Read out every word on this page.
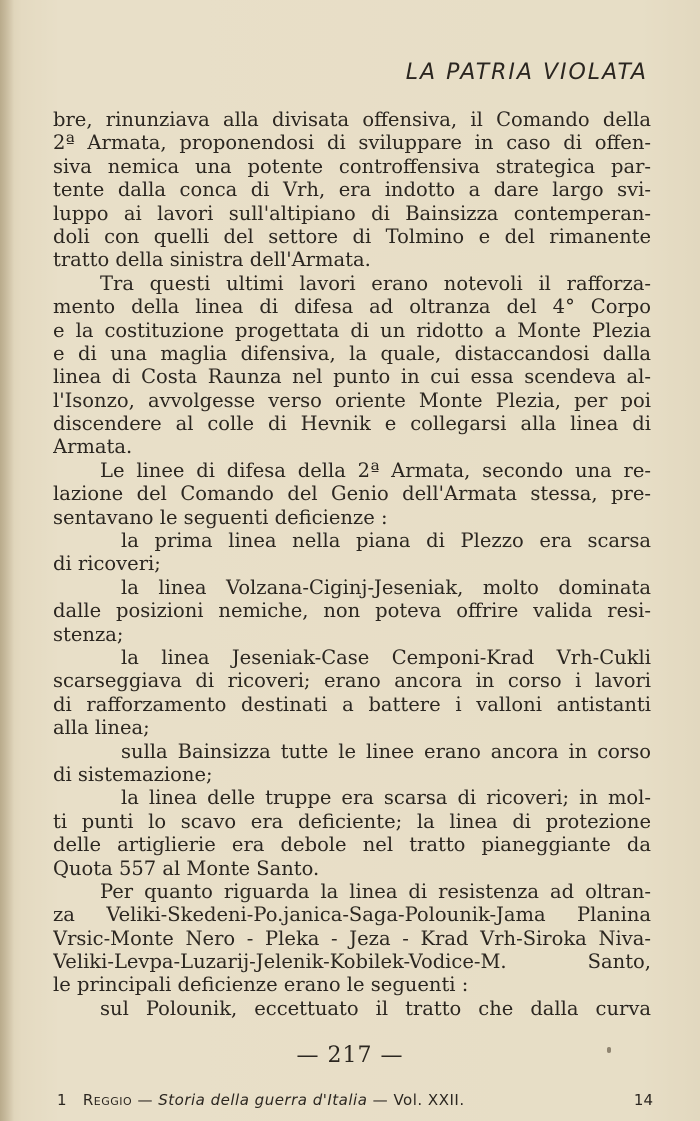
LA PATRIA VIOLATA
bre, rinunziava alla divisata offensiva, il Comando della
2ª Armata, proponendosi di sviluppare in caso di offen-
siva nemica una potente controffensiva strategica par-
tente dalla conca di Vrh, era indotto a dare largo svi-
luppo ai lavori sull'altipiano di Bainsizza contemperan-
doli con quelli del settore di Tolmino e del rimanente
tratto della sinistra dell'Armata.
Tra questi ultimi lavori erano notevoli il rafforza-
mento della linea di difesa ad oltranza del 4° Corpo
e la costituzione progettata di un ridotto a Monte Plezia
e di una maglia difensiva, la quale, distaccandosi dalla
linea di Costa Raunza nel punto in cui essa scendeva al-
l'Isonzo, avvolgesse verso oriente Monte Plezia, per poi
discendere al colle di Hevnik e collegarsi alla linea di
Armata.
Le linee di difesa della 2ª Armata, secondo una re-
lazione del Comando del Genio dell'Armata stessa, pre-
sentavano le seguenti deficienze :
la prima linea nella piana di Plezzo era scarsa
di ricoveri;
la linea Volzana-Ciginj-Jeseniak, molto dominata
dalle posizioni nemiche, non poteva offrire valida resi-
stenza;
la linea Jeseniak-Case Cemponi-Krad Vrh-Cukli
scarseggiava di ricoveri; erano ancora in corso i lavori
di rafforzamento destinati a battere i valloni antistanti
alla linea;
sulla Bainsizza tutte le linee erano ancora in corso
di sistemazione;
la linea delle truppe era scarsa di ricoveri; in mol-
ti punti lo scavo era deficiente; la linea di protezione
delle artiglierie era debole nel tratto pianeggiante da
Quota 557 al Monte Santo.
Per quanto riguarda la linea di resistenza ad oltran-
za Veliki-Skedeni-Po.janica-Saga-Polounik-Jama Planina
Vrsic-Monte Nero - Pleka - Jeza - Krad Vrh-Siroka Niva-
Veliki-Levpa-Luzarij-Jelenik-Kobilek-Vodice-M. Santo,
le principali deficienze erano le seguenti :
sul Polounik, eccettuato il tratto che dalla curva
— 217 —
1 Reggio — Storia della guerra d'Italia — Vol. XXII.	14
